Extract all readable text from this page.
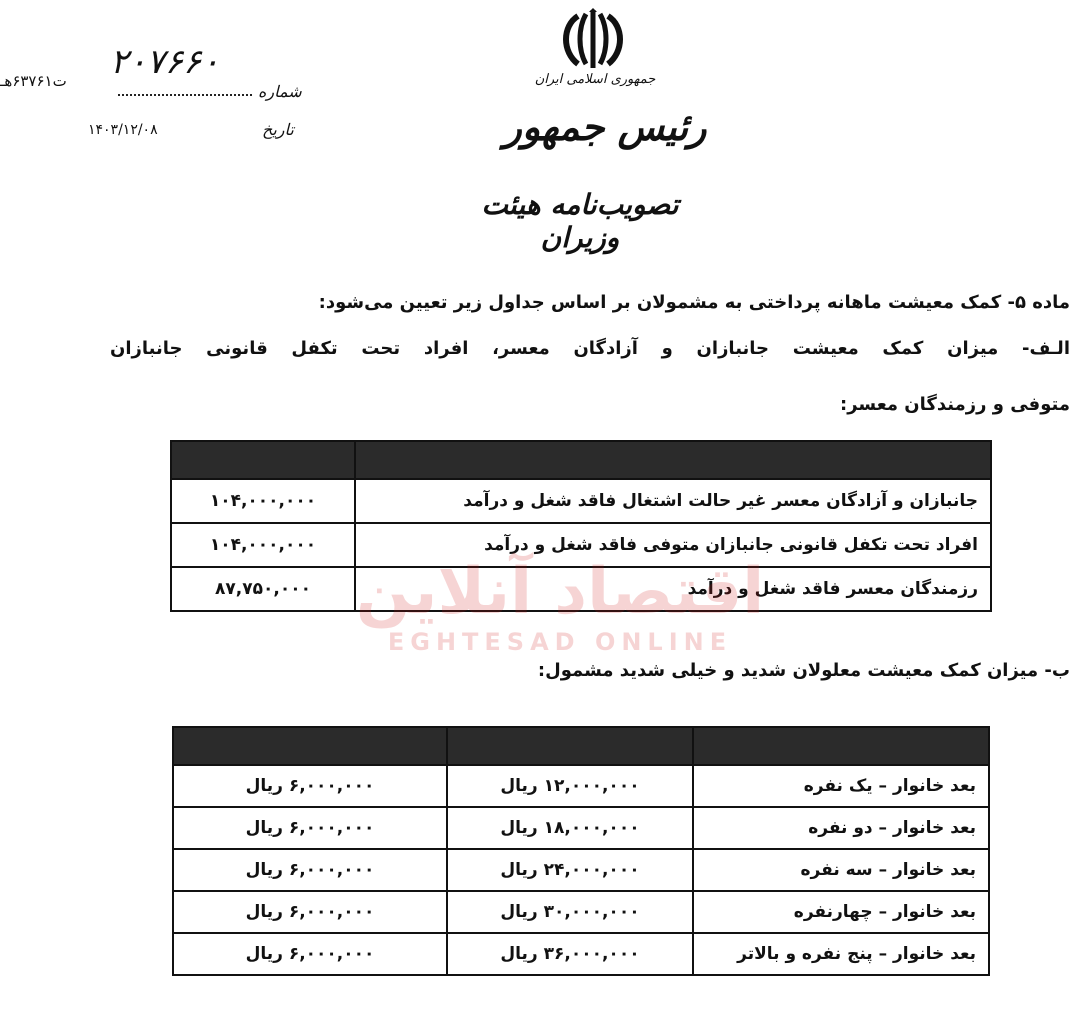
جمهوری اسلامی ایران
رئیس جمهور
تصویب‌نامه هیئت وزیران
۲۰۷۶۶۰
ت۶۳۷۶۱هـ
شماره
۱۴۰۳/۱۲/۰۸	تاریخ
ماده ۵- کمک معیشت ماهانه پرداختی به مشمولان بر اساس جداول زیر تعیین می‌شود:
الـف- میزان کمک معیشت جانبازان و آزادگان معسر، افراد تحت تکفل قانونی جانبازان
متوفی و رزمندگان معسر:

جانبازان و آزادگان معسر غیر حالت اشتغال فاقد شغل و درآمد	۱۰۴,۰۰۰,۰۰۰
افراد تحت تکفل قانونی جانبازان متوفی فاقد شغل و درآمد	۱۰۴,۰۰۰,۰۰۰
رزمندگان معسر فاقد شغل و درآمد	۸۷,۷۵۰,۰۰۰ اقتصاد آنلاین
EGHTESAD ONLINE
ب- میزان کمک معیشت معلولان شدید و خیلی شدید مشمول:

بعد خانوار – یک نفره	۱۲,۰۰۰,۰۰۰ ریال	۶,۰۰۰,۰۰۰ ریال
بعد خانوار – دو نفره	۱۸,۰۰۰,۰۰۰ ریال	۶,۰۰۰,۰۰۰ ریال
بعد خانوار – سه نفره	۲۴,۰۰۰,۰۰۰ ریال	۶,۰۰۰,۰۰۰ ریال
بعد خانوار – چهارنفره	۳۰,۰۰۰,۰۰۰ ریال	۶,۰۰۰,۰۰۰ ریال
بعد خانوار – پنج نفره و بالاتر	۳۶,۰۰۰,۰۰۰ ریال	۶,۰۰۰,۰۰۰ ریال
